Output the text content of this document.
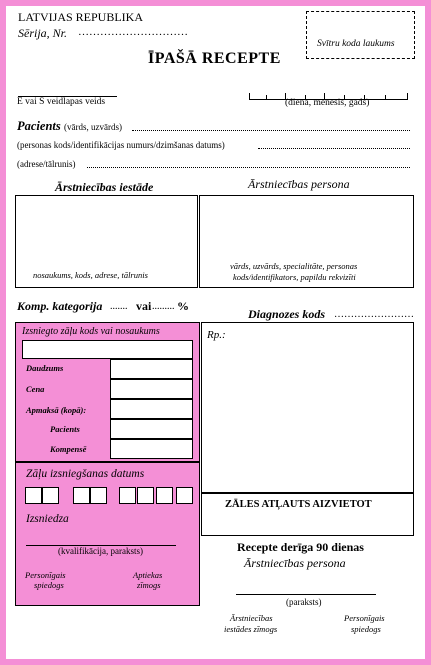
LATVIJAS REPUBLIKA
Sērija, Nr. …………………………
Svītru koda laukums
ĪPAŠĀ RECEPTE
E vai S veidlapas veids	(diena, mēnesis, gads)
Pacients (vārds, uzvārds)
(personas kods/identifikācijas numurs/dzimšanas datums)
(adrese/tālrunis)
Ārstniecības iestāde	Ārstniecības persona
nosaukums, kods, adrese, tālrunis
vārds, uzvārds, specialitāte, personas
kods/identifikators, papildu rekvizīti
Komp. kategorija ....... vai ......... %
Diagnozes kods ……………………
Izsniegto zāļu kods vai nosaukums
Daudzums
Cena
Apmaksā (kopā):
Pacients
Kompensē
Zāļu izsniegšanas datums
Izsniedza
(kvalifikācija, paraksts)
Personīgais
spiedogs
Aptiekas
zīmogs
Rp.:
ZĀLES ATĻAUTS AIZVIETOT
Recepte derīga 90 dienas
Ārstniecības persona
(paraksts)
Ārstniecības
iestādes zīmogs
Personīgais
spiedogs
